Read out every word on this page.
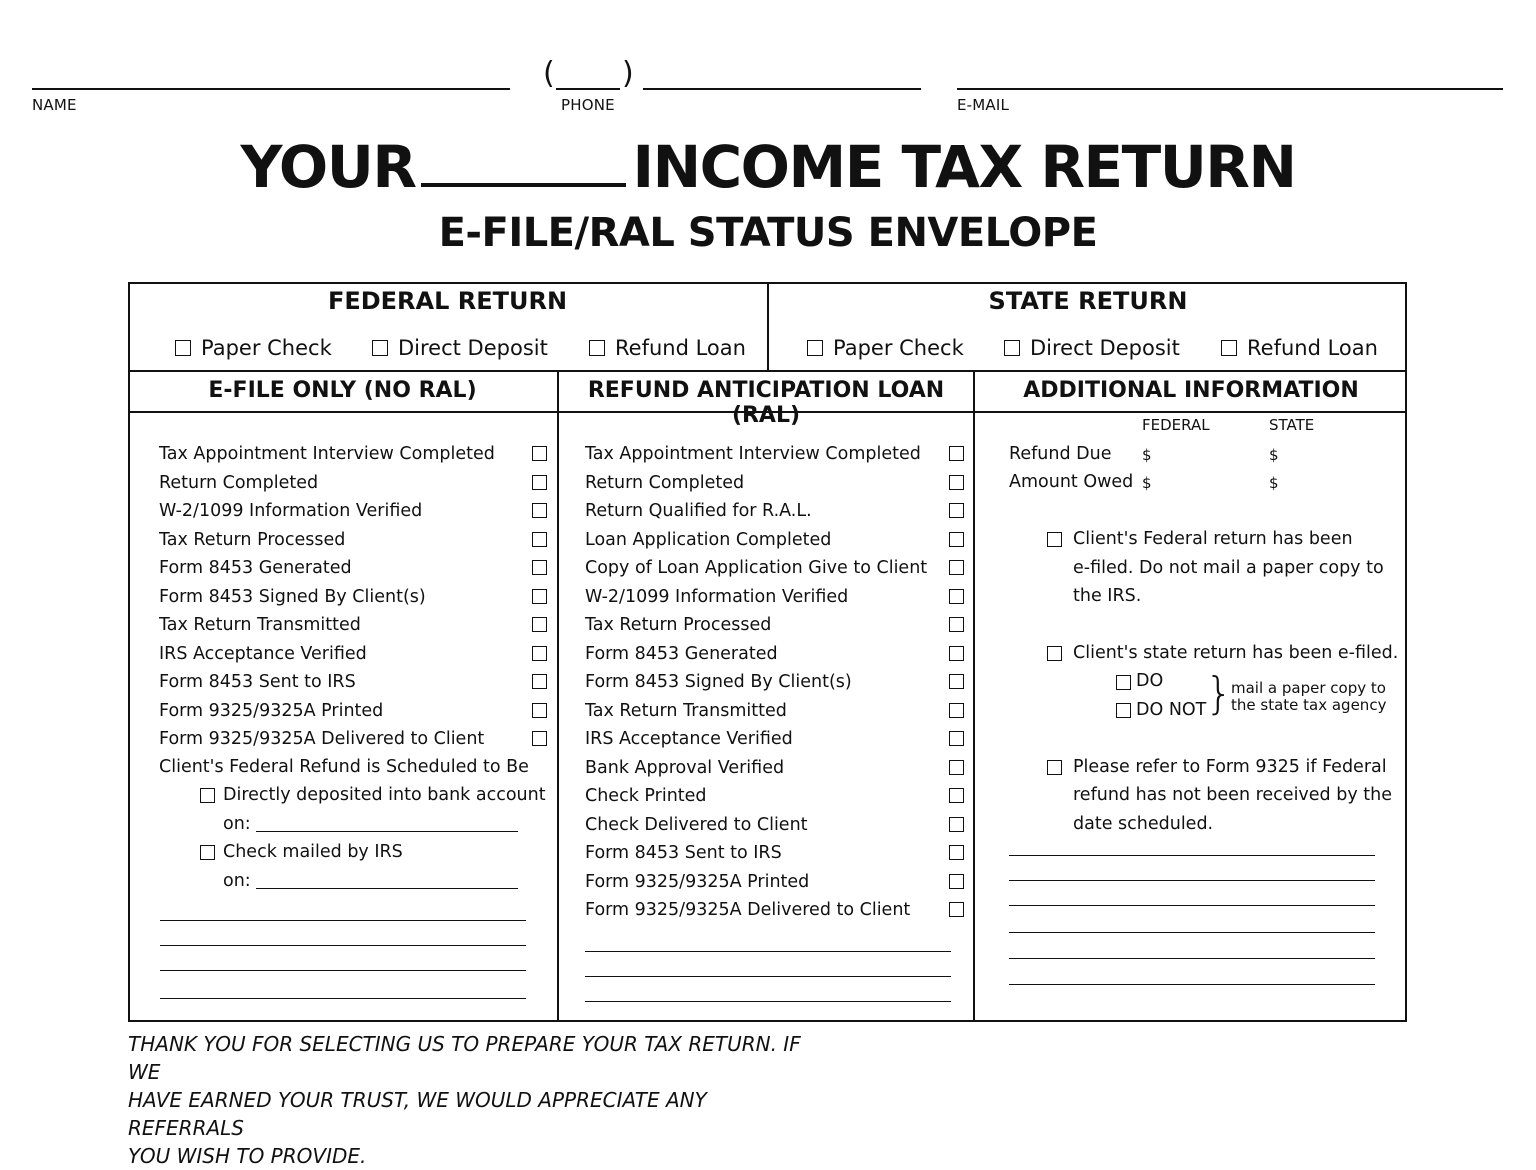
NAME
( )
PHONE	E-MAIL
YOUR	INCOME TAX RETURN
E-FILE/RAL STATUS ENVELOPE
FEDERAL RETURN	STATE RETURN
Paper Check	Direct Deposit	Refund Loan	Paper Check	Direct Deposit	Refund Loan
E-FILE ONLY (NO RAL)	REFUND ANTICIPATION LOAN (RAL)
ADDITIONAL INFORMATION
Tax Appointment Interview Completed
Return Completed
W-2/1099 Information Verified
Tax Return Processed
Form 8453 Generated
Form 8453 Signed By Client(s)
Tax Return Transmitted
IRS Acceptance Verified
Form 8453 Sent to IRS
Form 9325/9325A Printed
Form 9325/9325A Delivered to Client
Client's Federal Refund is Scheduled to Be
Directly deposited into bank account
on:
Check mailed by IRS
on:
Tax Appointment Interview Completed
Return Completed
Return Qualified for R.A.L.
Loan Application Completed
Copy of Loan Application Give to Client
W-2/1099 Information Verified
Tax Return Processed
Form 8453 Generated
Form 8453 Signed By Client(s)
Tax Return Transmitted
IRS Acceptance Verified
Bank Approval Verified
Check Printed
Check Delivered to Client
Form 8453 Sent to IRS
Form 9325/9325A Printed
Form 9325/9325A Delivered to Client
FEDERAL	STATE
Refund Due $	$
Amount Owed $	$
Client's Federal return has been
e-filed. Do not mail a paper copy to
the IRS.
Client's state return has been e-filed.
DO
DO NOT
}
mail a paper copy to
the state tax agency
Please refer to Form 9325 if Federal
refund has not been received by the
date scheduled.
THANK YOU FOR SELECTING US TO PREPARE YOUR TAX RETURN. IF WE
HAVE EARNED YOUR TRUST, WE WOULD APPRECIATE ANY REFERRALS
YOU WISH TO PROVIDE.
